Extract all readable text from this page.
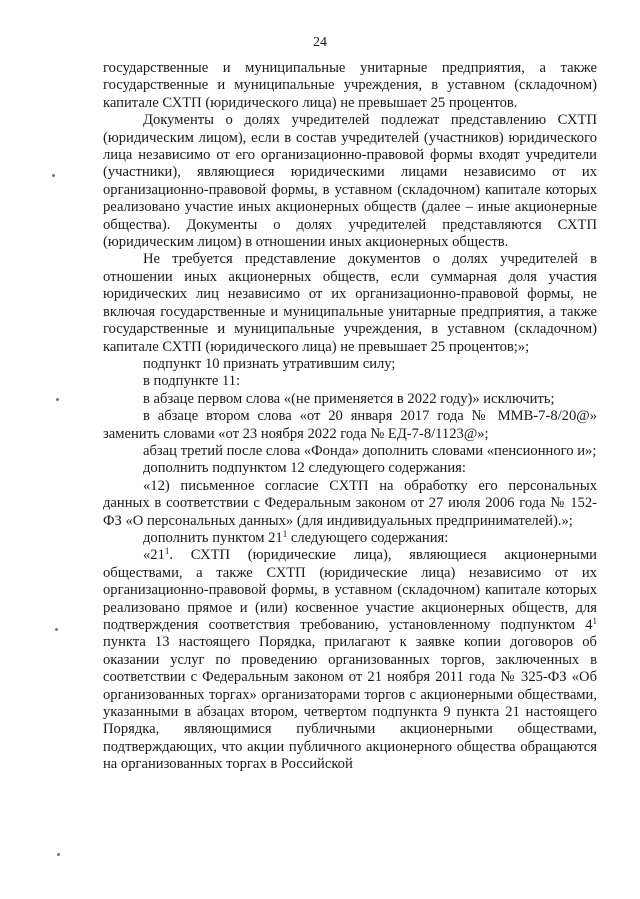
24

государственные и муниципальные унитарные предприятия, а также государственные и муниципальные учреждения, в уставном (складочном) капитале СХТП (юридического лица) не превышает 25 процентов.

Документы о долях учредителей подлежат представлению СХТП (юридическим лицом), если в состав учредителей (участников) юридического лица независимо от его организационно-правовой формы входят учредители (участники), являющиеся юридическими лицами независимо от их организационно-правовой формы, в уставном (складочном) капитале которых реализовано участие иных акционерных обществ (далее – иные акционерные общества). Документы о долях учредителей представляются СХТП (юридическим лицом) в отношении иных акционерных обществ.

Не требуется представление документов о долях учредителей в отношении иных акционерных обществ, если суммарная доля участия юридических лиц независимо от их организационно-правовой формы, не включая государственные и муниципальные унитарные предприятия, а также государственные и муниципальные учреждения, в уставном (складочном) капитале СХТП (юридического лица) не превышает 25 процентов;»;

подпункт 10 признать утратившим силу;

в подпункте 11:

в абзаце первом слова «(не применяется в 2022 году)» исключить;

в абзаце втором слова «от 20 января 2017 года № ММВ-7-8/20@» заменить словами «от 23 ноября 2022 года № ЕД-7-8/1123@»;

абзац третий после слова «Фонда» дополнить словами «пенсионного и»;

дополнить подпунктом 12 следующего содержания:

«12) письменное согласие СХТП на обработку его персональных данных в соответствии с Федеральным законом от 27 июля 2006 года № 152-ФЗ «О персональных данных» (для индивидуальных предпринимателей).»;

дополнить пунктом $21^1$ следующего содержания:

«$21^1$. СХТП (юридические лица), являющиеся акционерными обществами, а также СХТП (юридические лица) независимо от их организационно-правовой формы, в уставном (складочном) капитале которых реализовано прямое и (или) косвенное участие акционерных обществ, для подтверждения соответствия требованию, установленному подпунктом $4^1$ пункта 13 настоящего Порядка, прилагают к заявке копии договоров об оказании услуг по проведению организованных торгов, заключенных в соответствии с Федеральным законом от 21 ноября 2011 года № 325-ФЗ «Об организованных торгах» организаторами торгов с акционерными обществами, указанными в абзацах втором, четвертом подпункта 9 пункта 21 настоящего Порядка, являющимися публичными акционерными обществами, подтверждающих, что акции публичного акционерного общества обращаются на организованных торгах в Российской
